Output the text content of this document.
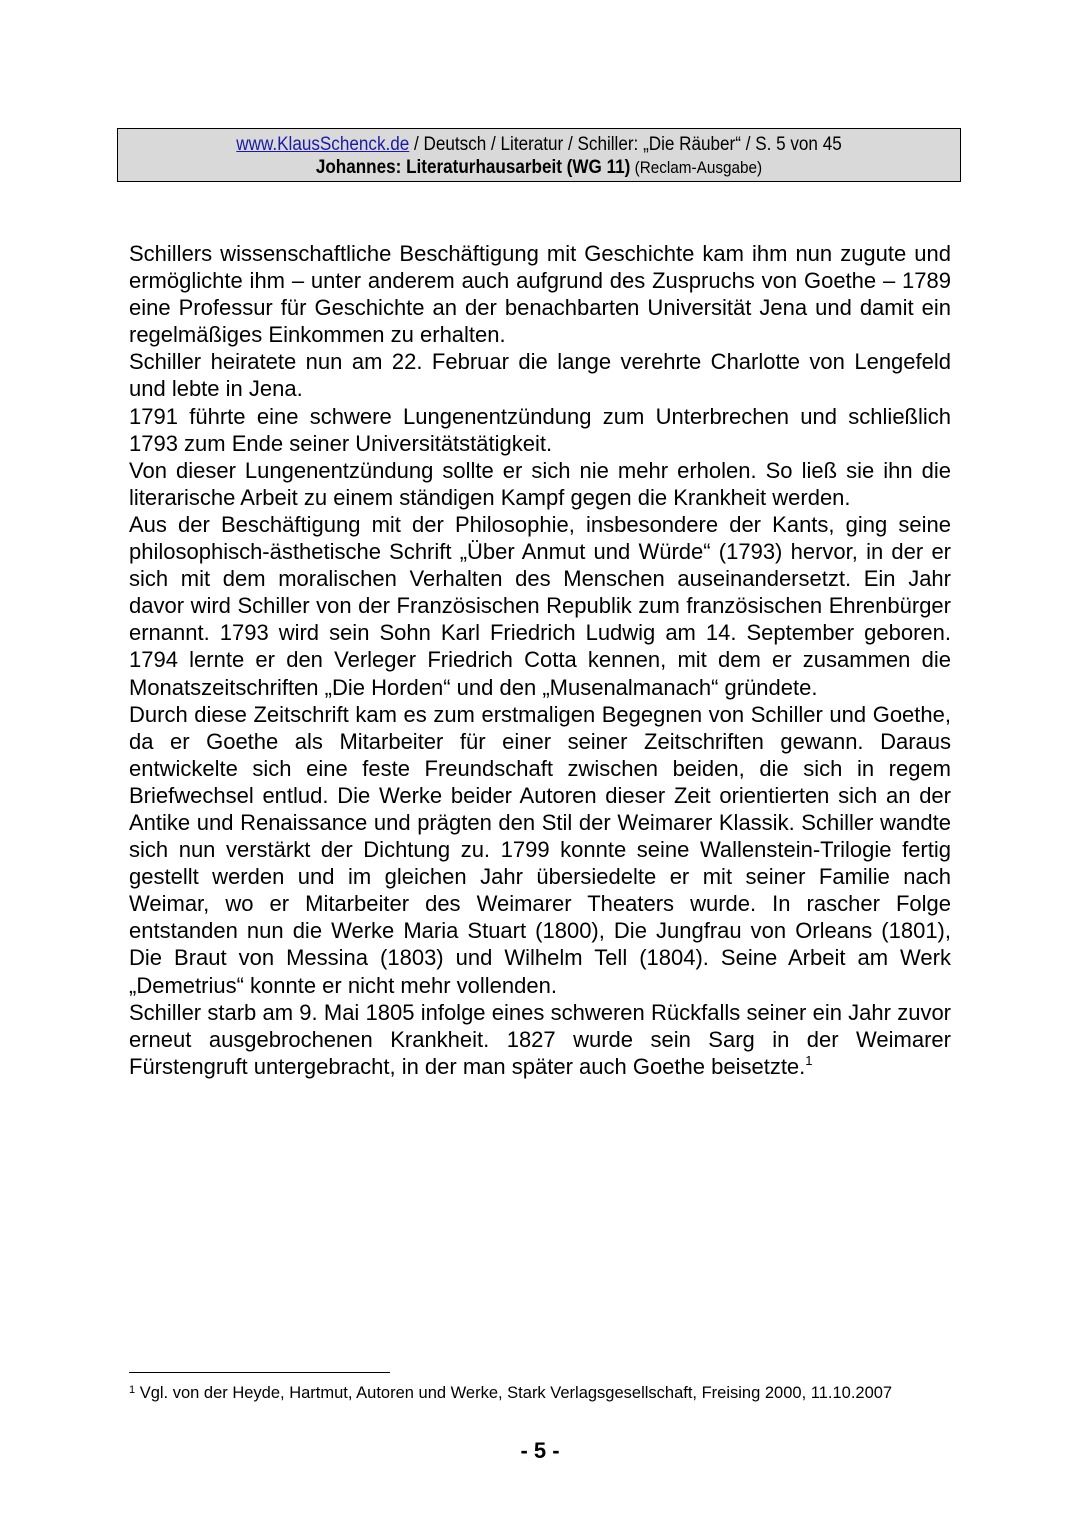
www.KlausSchenck.de / Deutsch / Literatur / Schiller: „Die Räuber“ / S. 5 von 45
Johannes: Literaturhausarbeit (WG 11) (Reclam-Ausgabe)

Schillers wissenschaftliche Beschäftigung mit Geschichte kam ihm nun zugute und ermöglichte ihm – unter anderem auch aufgrund des Zuspruchs von Goethe – 1789 eine Professur für Geschichte an der benachbarten Universität Jena und damit ein regelmäßiges Einkommen zu erhalten.

Schiller heiratete nun am 22. Februar die lange verehrte Charlotte von Lengefeld und lebte in Jena.

1791 führte eine schwere Lungenentzündung zum Unterbrechen und schließlich 1793 zum Ende seiner Universitätstätigkeit.

Von dieser Lungenentzündung sollte er sich nie mehr erholen. So ließ sie ihn die literarische Arbeit zu einem ständigen Kampf gegen die Krankheit werden.

Aus der Beschäftigung mit der Philosophie, insbesondere der Kants, ging seine philosophisch-ästhetische Schrift „Über Anmut und Würde“ (1793) hervor, in der er sich mit dem moralischen Verhalten des Menschen auseinandersetzt. Ein Jahr davor wird Schiller von der Französischen Republik zum französischen Ehrenbürger ernannt. 1793 wird sein Sohn Karl Friedrich Ludwig am 14. September geboren. 1794 lernte er den Verleger Friedrich Cotta kennen, mit dem er zusammen die Monatszeitschriften „Die Horden“ und den „Musenalmanach“ gründete.

Durch diese Zeitschrift kam es zum erstmaligen Begegnen von Schiller und Goethe, da er Goethe als Mitarbeiter für einer seiner Zeitschriften gewann. Daraus entwickelte sich eine feste Freundschaft zwischen beiden, die sich in regem Briefwechsel entlud. Die Werke beider Autoren dieser Zeit orientierten sich an der Antike und Renaissance und prägten den Stil der Weimarer Klassik. Schiller wandte sich nun verstärkt der Dichtung zu. 1799 konnte seine Wallenstein-Trilogie fertig gestellt werden und im gleichen Jahr übersiedelte er mit seiner Familie nach Weimar, wo er Mitarbeiter des Weimarer Theaters wurde. In rascher Folge entstanden nun die Werke Maria Stuart (1800), Die Jungfrau von Orleans (1801), Die Braut von Messina (1803) und Wilhelm Tell (1804). Seine Arbeit am Werk „Demetrius“ konnte er nicht mehr vollenden.

Schiller starb am 9. Mai 1805 infolge eines schweren Rückfalls seiner ein Jahr zuvor erneut ausgebrochenen Krankheit. 1827 wurde sein Sarg in der Weimarer Fürstengruft untergebracht, in der man später auch Goethe beisetzte.$^1$

$^1$ Vgl. von der Heyde, Hartmut, Autoren und Werke, Stark Verlagsgesellschaft, Freising 2000, 11.10.2007
- 5 -
